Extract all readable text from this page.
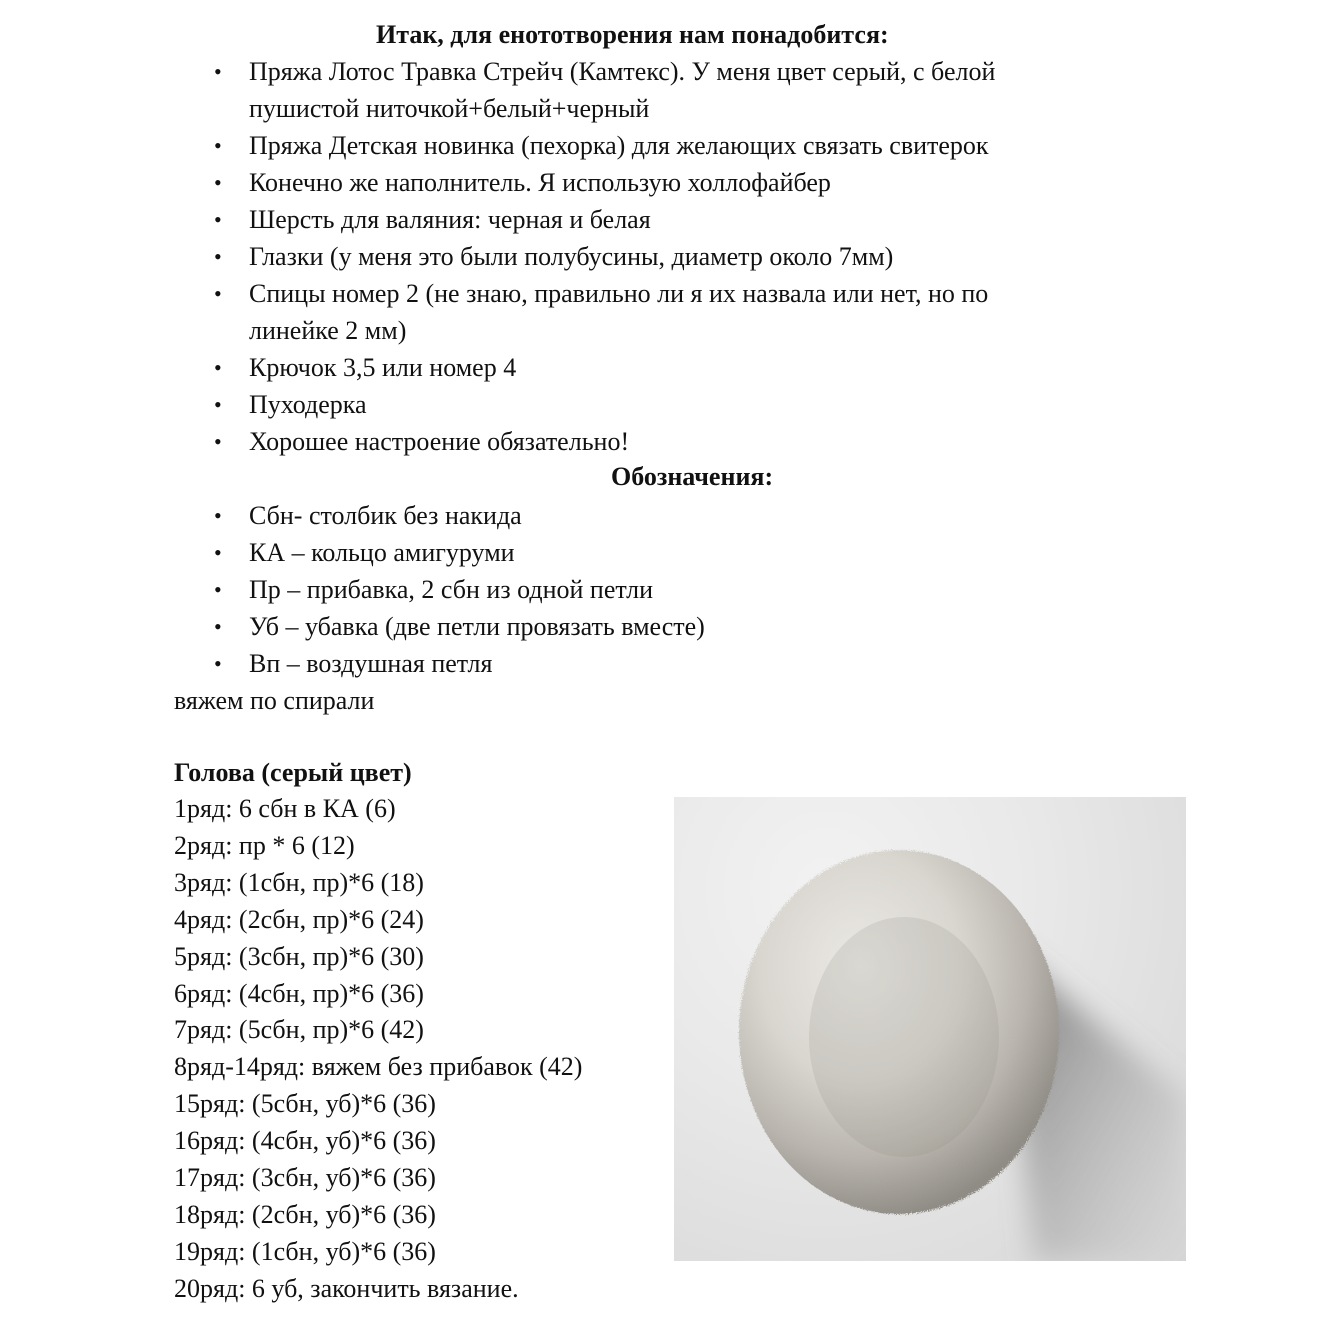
Итак, для енототворения нам понадобится:
• Пряжа Лотос Травка Стрейч (Камтекс). У меня цвет серый, с белой
пушистой ниточкой+белый+черный
• Пряжа Детская новинка (пехорка) для желающих связать свитерок
• Конечно же наполнитель. Я использую холлофайбер
• Шерсть для валяния: черная и белая
• Глазки (у меня это были полубусины, диаметр около 7мм)
• Спицы номер 2 (не знаю, правильно ли я их назвала или нет, но по
линейке 2 мм)
• Крючок 3,5 или номер 4
• Пуходерка
• Хорошее настроение обязательно!
Обозначения:
• Сбн- столбик без накида
• КА – кольцо амигуруми
• Пр – прибавка, 2 сбн из одной петли
• Уб – убавка (две петли провязать вместе)
• Вп – воздушная петля

вяжем по спирали

Голова (серый цвет)
1ряд: 6 сбн в КА (6)
2ряд: пр * 6 (12)
3ряд: (1сбн, пр)*6 (18)
4ряд: (2сбн, пр)*6 (24)
5ряд: (3сбн, пр)*6 (30)
6ряд: (4сбн, пр)*6 (36)
7ряд: (5сбн, пр)*6 (42)
8ряд-14ряд: вяжем без прибавок (42)
15ряд: (5сбн, уб)*6 (36)
16ряд: (4сбн, уб)*6 (36)
17ряд: (3сбн, уб)*6 (36)
18ряд: (2сбн, уб)*6 (36)
19ряд: (1сбн, уб)*6 (36)
20ряд: 6 уб, закончить вязание.
